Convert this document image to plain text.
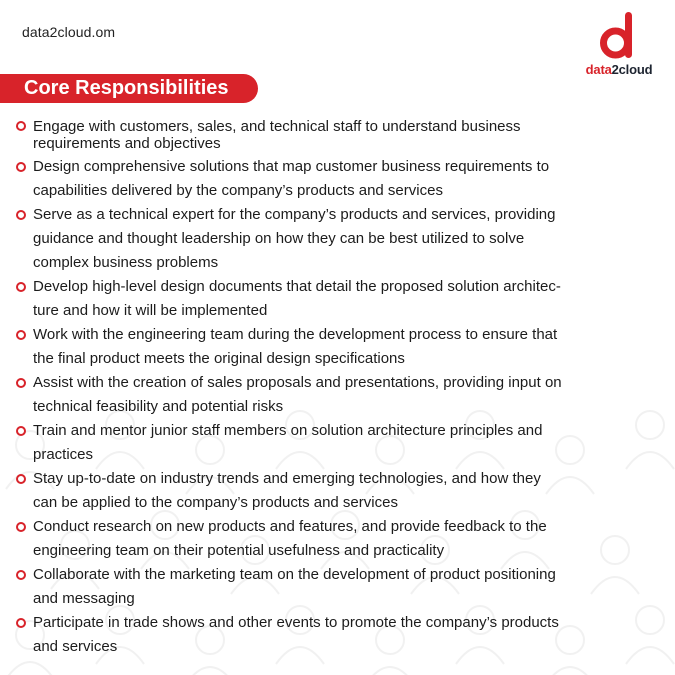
data2cloud.om
data2cloud
Core Responsibilities
Engage with customers, sales, and technical staff to understand business
requirements and objectives
Design comprehensive solutions that map customer business requirements to
capabilities delivered by the company’s products and services
Serve as a technical expert for the company’s products and services, providing
guidance and thought leadership on how they can be best utilized to solve
complex business problems
Develop high-level design documents that detail the proposed solution architec-
ture and how it will be implemented
Work with the engineering team during the development process to ensure that
the final product meets the original design specifications
Assist with the creation of sales proposals and presentations, providing input on
technical feasibility and potential risks
Train and mentor junior staff members on solution architecture principles and
practices
Stay up-to-date on industry trends and emerging technologies, and how they
can be applied to the company’s products and services
Conduct research on new products and features, and provide feedback to the
engineering team on their potential usefulness and practicality
Collaborate with the marketing team on the development of product positioning
and messaging
Participate in trade shows and other events to promote the company’s products
and services
